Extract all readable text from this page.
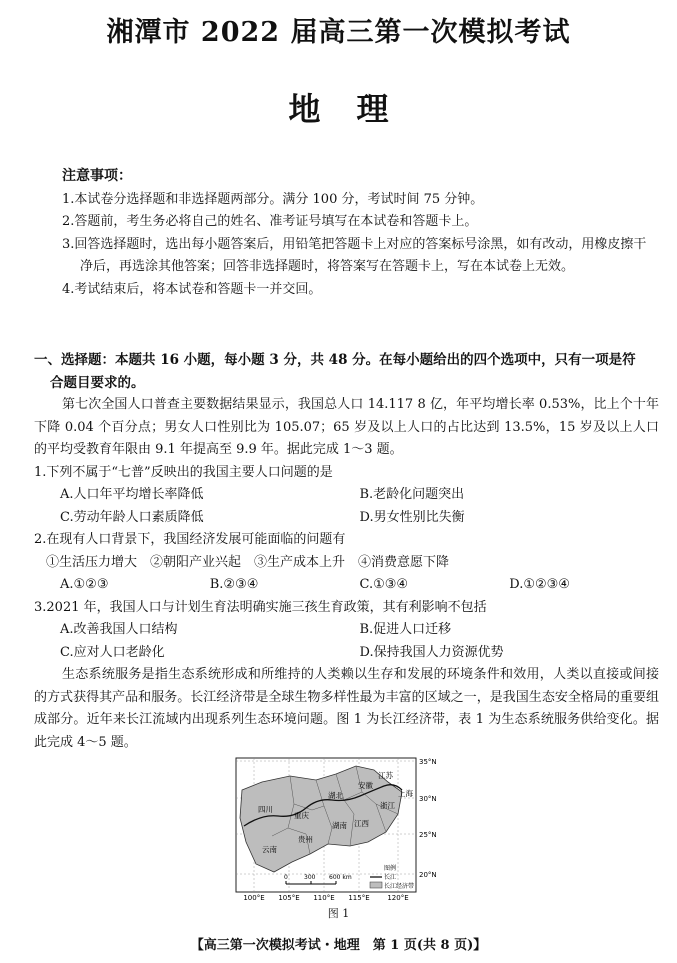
湘潭市 2022 届高三第一次模拟考试
地理
注意事项：
1.本试卷分选择题和非选择题两部分。满分 100 分，考试时间 75 分钟。
2.答题前，考生务必将自己的姓名、准考证号填写在本试卷和答题卡上。
3.回答选择题时，选出每小题答案后，用铅笔把答题卡上对应的答案标号涂黑，如有改动，用橡皮擦干净后，再选涂其他答案；回答非选择题时，将答案写在答题卡上，写在本试卷上无效。
4.考试结束后，将本试卷和答题卡一并交回。
一、选择题：本题共 16 小题，每小题 3 分，共 48 分。在每小题给出的四个选项中，只有一项是符
合题目要求的。
第七次全国人口普查主要数据结果显示，我国总人口 14.117 8 亿，年平均增长率 0.53%，比上个十年下降 0.04 个百分点；男女人口性别比为 105.07；65 岁及以上人口的占比达到 13.5%，15 岁及以上人口的平均受教育年限由 9.1 年提高至 9.9 年。据此完成 1～3 题。
1.下列不属于“七普”反映出的我国主要人口问题的是
A.人口年平均增长率降低	B.老龄化问题突出
C.劳动年龄人口素质降低	D.男女性别比失衡
2.在现有人口背景下，我国经济发展可能面临的问题有
①生活压力增大　②朝阳产业兴起　③生产成本上升　④消费意愿下降
A.①②③	B.②③④	C.①③④	D.①②③④
3.2021 年，我国人口与计划生育法明确实施三孩生育政策，其有利影响不包括
A.改善我国人口结构	B.促进人口迁移
C.应对人口老龄化	D.保持我国人力资源优势
生态系统服务是指生态系统形成和所维持的人类赖以生存和发展的环境条件和效用，人类以直接或间接的方式获得其产品和服务。长江经济带是全球生物多样性最为丰富的区域之一，是我国生态安全格局的重要组成部分。近年来长江流域内出现系列生态环境问题。图 1 为长江经济带，表 1 为生态系统服务供给变化。据此完成 4～5 题。
四川
重庆
湖北
安徽
江苏
上海
浙江
江西
湖南
贵州
云南
0	300 600 km
图例
长江
长江经济带
35°N
30°N
25°N
20°N
100°E 105°E 110°E 115°E	120°E
图 1
【高三第一次模拟考试・地理　第 1 页(共 8 页)】
